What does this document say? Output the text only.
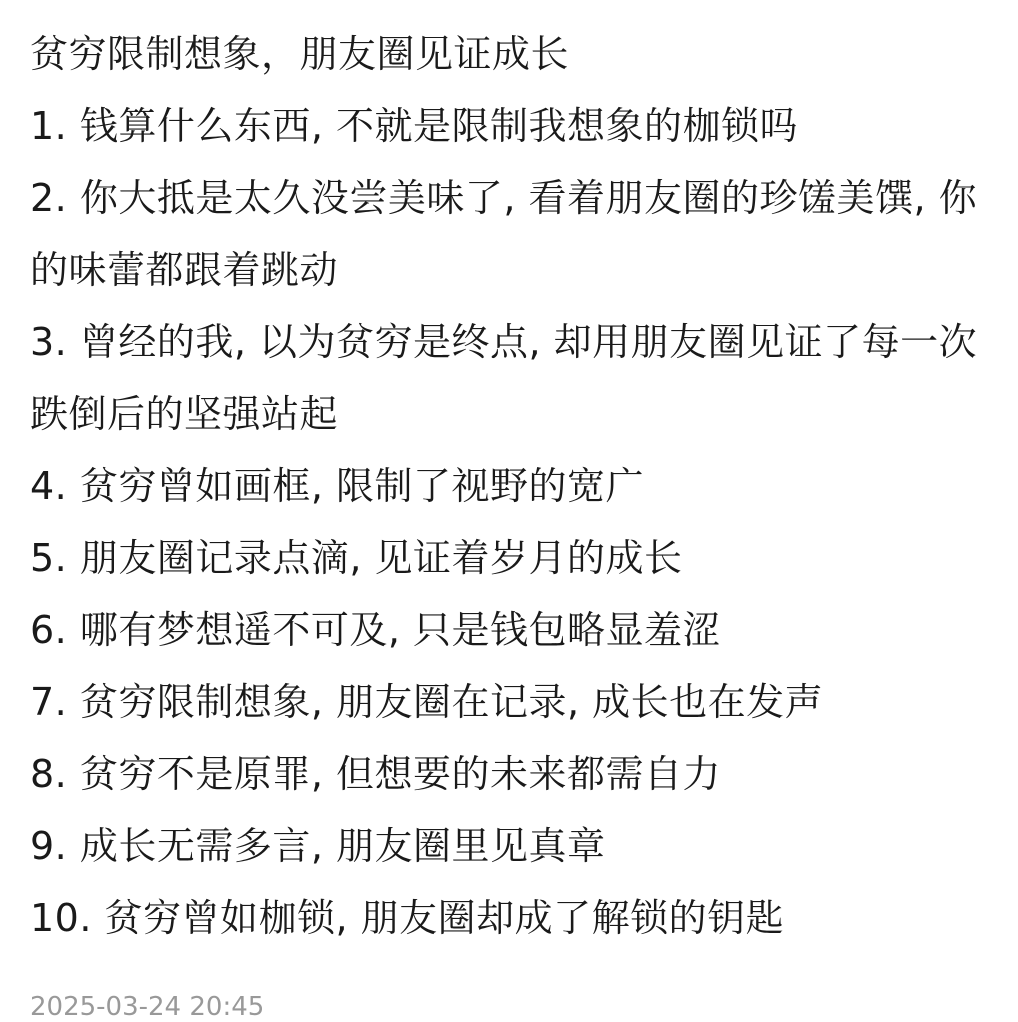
贫穷限制想象，朋友圈见证成长
1. 钱算什么东西, 不就是限制我想象的枷锁吗
2. 你大抵是太久没尝美味了, 看着朋友圈的珍馐美馔, 你的味蕾都跟着跳动
3. 曾经的我, 以为贫穷是终点, 却用朋友圈见证了每一次跌倒后的坚强站起
4. 贫穷曾如画框, 限制了视野的宽广
5. 朋友圈记录点滴, 见证着岁月的成长
6. 哪有梦想遥不可及, 只是钱包略显羞涩
7. 贫穷限制想象, 朋友圈在记录, 成长也在发声
8. 贫穷不是原罪, 但想要的未来都需自力
9. 成长无需多言, 朋友圈里见真章
10. 贫穷曾如枷锁, 朋友圈却成了解锁的钥匙
2025-03-24 20:45
